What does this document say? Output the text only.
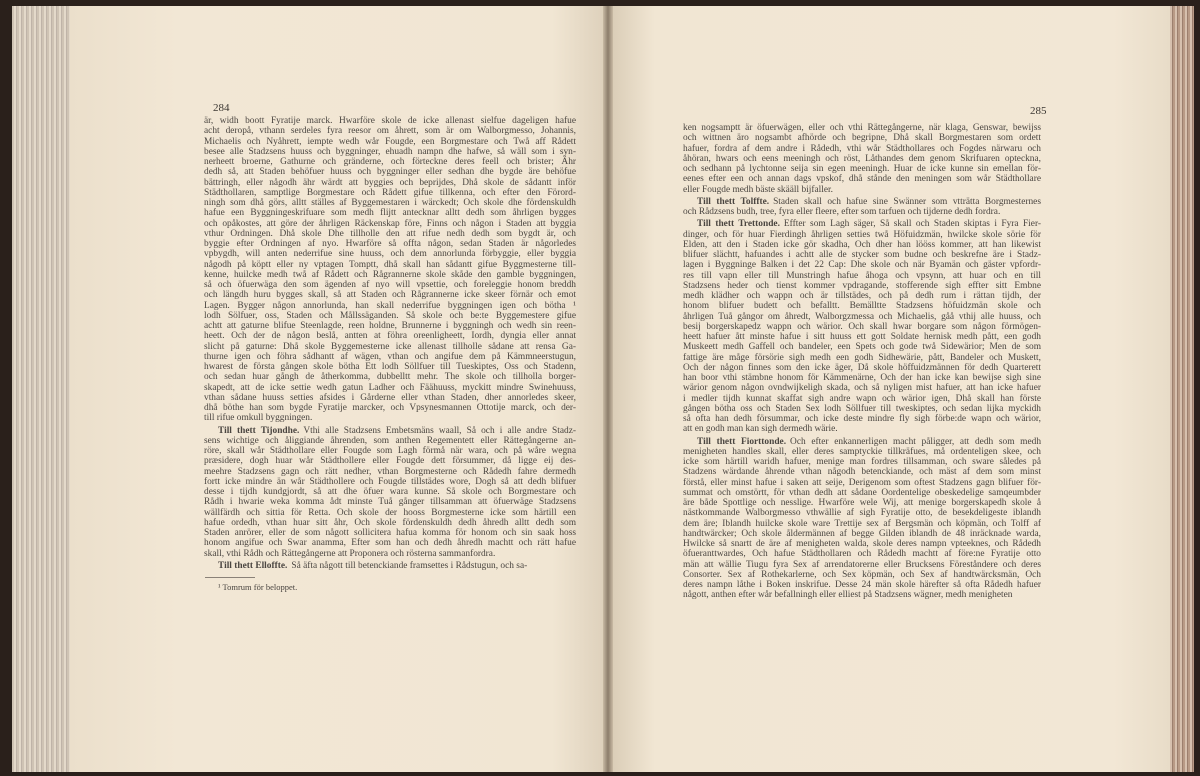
284	285
är, widh boott Fyratije marck. Hwarföre skole de icke allenast sielfue dageligen hafue
acht deropå, vthann serdeles fyra reesor om åhrett, som är om Walborgmesso, Johannis,
Michaelis och Nyåhrett, iempte wedh wår Fougde, een Borgmestare och Twå aff Rådett
besee alle Stadzsens huuss och byggninger, ehuadh nampn dhe hafwe, så wäll som i syn-
nerheett broerne, Gathurne och gränderne, och förteckne deres feell och brister; Ähr
dedh så, att Staden behöfuer huuss och byggninger eller sedhan dhe bygde äre behöfue
bättringh, eller någodh ähr wärdt att byggies och beprijdes, Dhå skole de sådantt inför
Städthollaren, samptlige Borgmestare och Rådett gifue tillkenna, och efter den Förord-
ningh som dhå görs, alltt ställes af Byggemestaren i wärckedt; Och skole dhe fördenskuldh
hafue een Byggningeskrifuare som medh flijtt antecknar alltt dedh som åhrligen bygges
och opåkostes, att göre der åhrligen Räckenskap före, Finns och någon i Staden att byggia
vthur Ordningen. Dhå skole Dhe tillholle den att rifue nedh dedh som bygdt är, och
byggie efter Ordningen af nyo. Hwarföre så offta någon, sedan Staden är någorledes
vpbygdh, will anten nederrifue sine huuss, och dem annorlunda förbyggie, eller byggia
någodh på köptt eller ny vptagen Tomptt, dhå skall han sådantt gifue Byggmesterne till-
kenne, huilcke medh twå af Rådett och Rågrannerne skole skåde den gamble byggningen,
så och öfuerwäga den som ägenden af nyo will vpsettie, och foreleggie honom breddh
och längdh huru bygges skall, så att Staden och Rågrannerne icke skeer förnär och emot
Lagen. Bygger någon annorlunda, han skall nederrifue byggningen igen och bötha ¹
lodh Sölfuer, oss, Staden och Mållssäganden. Så skole och be:te Byggemestere gifue
achtt att gaturne blifue Steenlagde, reen holdne, Brunnerne i byggningh och wedh sin reen-
heett. Och der de någon beslå, antten at föhra oreenligheett, Iordh, dyngia eller annat
slicht på gaturne: Dhå skole Byggemesterne icke allenast tillholle sådane att rensa Ga-
thurne igen och föhra sådhantt af wägen, vthan och angifue dem på Kämmneerstugun,
hwarest de första gången skole bötha Ett lodh Söllfuer till Tueskiptes, Oss och Stadenn,
och sedan huar gångh de åtherkomma, dubbelltt mehr. The skole och tillholla borger-
skapedt, att de icke settie wedh gatun Ladher och Fäähuuss, myckitt mindre Swinehuuss,
vthan sådane huuss setties afsides i Gårderne eller vthan Staden, dher annorledes skeer,
dhå böthe han som bygde Fyratije marcker, och Vpsynesmannen Ottotije marck, och der-
till rifue omkull byggningen.
Till thett Tijondhe. Vthi alle Stadzsens Embetsmäns waall, Så och i alle andre Stadz-
sens wichtige och åliggiande åhrenden, som anthen Regementett eller Rättegångerne an-
röre, skall wår Städthollare eller Fougde som Lagh förmå när wara, och på wåre wegna
præsidere, dogh huar wår Städthollere eller Fougde dett försummer, då ligge eij des-
meehre Stadzsens gagn och rätt nedher, vthan Borgmesterne och Rådedh fahre dermedh
fortt icke mindre än wår Städthollere och Fougde tillstädes wore, Dogh så att dedh blifuer
desse i tijdh kundgjordt, så att dhe öfuer wara kunne. Så skole och Borgmestare och
Rådh i hwarie weka komma ådt minste Tuå gånger tillsamman att öfuerwäge Stadzsens
wällfärdh och sittia för Retta. Och skole der hooss Borgmesterne icke som härtill een
hafue ordedh, vthan huar sitt åhr, Och skole fördenskuldh dedh åhredh alltt dedh som
Staden anrörer, eller de som någott sollicitera hafua komma för honom och sin saak hoss
honom angifue och Swar anamma, Efter som han och dedh åhredh machtt och rätt hafue
skall, vthi Rådh och Rättegångerne att Proponera och rösterna sammanfordra.
Till thett Elloffte. Så äfta någott till betenckiande framsettes i Rådstugun, och sa-
ken nogsamptt är öfuerwägen, eller och vthi Rättegångerne, när klaga, Genswar, bewijss
och wittnen äro nogsambt afhörde och begripne, Dhå skall Borgmestaren som ordett
hafuer, fordra af dem andre i Rådedh, vthi wår Städthollares och Fogdes närwaru och
åhöran, hwars och eens meeningh och röst, Låthandes dem genom Skrifuaren opteckna,
och sedhann på lychtonne seija sin egen meeningh. Huar de icke kunne sin emellan för-
eenes efter een och annan dags vpskof, dhå stånde den meningen som wår Städthollare
eller Fougde medh bäste skääll bijfaller.
Till thett Tolffte. Staden skall och hafue sine Swänner som vtträtta Borgmesternes
och Rådzsens budh, tree, fyra eller fleere, efter som tarfuen och tijderne dedh fordra.
Till thett Trettonde. Effter som Lagh säger, Så skall och Staden skiptas i Fyra Fier-
dinger, och för huar Fierdingh åhrligen setties twå Höfuidzmän, hwilcke skole sörie för
Elden, att den i Staden icke gör skadha, Och dher han lööss kommer, att han likewist
blifuer slächtt, hafuandes i achtt alle de stycker som budne och beskrefne äre i Stadz-
lagen i Byggninge Balken i det 22 Cap: Dhe skole och när Byamän och gäster vpfordr-
res till vapn eller till Munstringh hafue åhoga och vpsynn, att huar och en till
Stadzsens heder och tienst kommer vpdragande, stofferende sigh effter sitt Embne
medh klädher och wappn och är tillstädes, och på dedh rum i rättan tijdh, der
honom blifuer budett och befalltt. Bemälltte Stadzsens höfuidzmän skole och
åhrligen Tuå gångor om åhredt, Walborgzmessa och Michaelis, gåå vthij alle huuss, och
besij borgerskapedz wappn och wärior. Och skall hwar borgare som någon förmögen-
heett hafuer ått minste hafue i sitt huuss ett gott Soldate hernisk medh pått, een godh
Muskeett medh Gaffell och bandeler, een Spets och gode twå Sidewärior; Men de som
fattige äre måge försörie sigh medh een godh Sidhewärie, pått, Bandeler och Muskett,
Och der någon finnes som den icke äger, Då skole höffuidzmännen för dedh Quarterett
han boor vthi stämbne honom för Kämmenärne, Och der han icke kan bewijse sigh sine
wärior genom någon ovndwijkeligh skada, och så nyligen mist hafuer, att han icke hafuer
i medler tijdh kunnat skaffat sigh andre wapn och wärior igen, Dhå skall han förste
gången bötha oss och Staden Sex lodh Söllfuer till tweskiptes, och sedan lijka myckidh
så ofta han dedh försummar, och icke deste mindre fly sigh förbe:de wapn och wärior,
att en godh man kan sigh dermedh wärie.
Till thett Fiorttonde. Och efter enkannerligen macht påligger, att dedh som medh
menigheten handles skall, eller deres samptyckie tillkräfues, må ordenteligen skee, och
icke som härtill waridh hafuer, menige man fordres tillsamman, och sware således på
Stadzens wärdande åhrende vthan någodh betenckiande, och mäst af dem som minst
förstå, eller minst hafue i saken att seije, Derigenom som oftest Stadzens gagn blifuer för-
summat och omstörtt, för vthan dedh att sådane Oordentelige obeskedelige samqeumbder
äre både Spottlige och nesslige. Hwarföre wele Wij, att menige borgerskapedh skole å
nästkommande Walborgmesso vthwällie af sigh Fyratije otto, de besekdeligeste iblandh
dem äre; Iblandh huilcke skole ware Trettije sex af Bergsmän och köpmän, och Tolff af
handtwärcker; Och skole åldermännen af begge Gilden iblandh de 48 inräcknade warda,
Hwilcke så snartt de äre af menigheten walda, skole deres nampn vpteeknes, och Rådedh
öfueranttwardes, Och hafue Städthollaren och Rådedh machtt af före:ne Fyratije otto
män att wällie Tiugu fyra Sex af arrendatorerne eller Brucksens Föreståndere och deres
Consorter. Sex af Rothekarlerne, och Sex köpmän, och Sex af handtwärcksmän, Och
deres nampn låthe i Boken inskrifue. Desse 24 män skole härefter så ofta Rådedh hafuer
någott, anthen efter wår befallningh eller elliest på Stadzsens wägner, medh menigheten
¹ Tomrum för beloppet.
